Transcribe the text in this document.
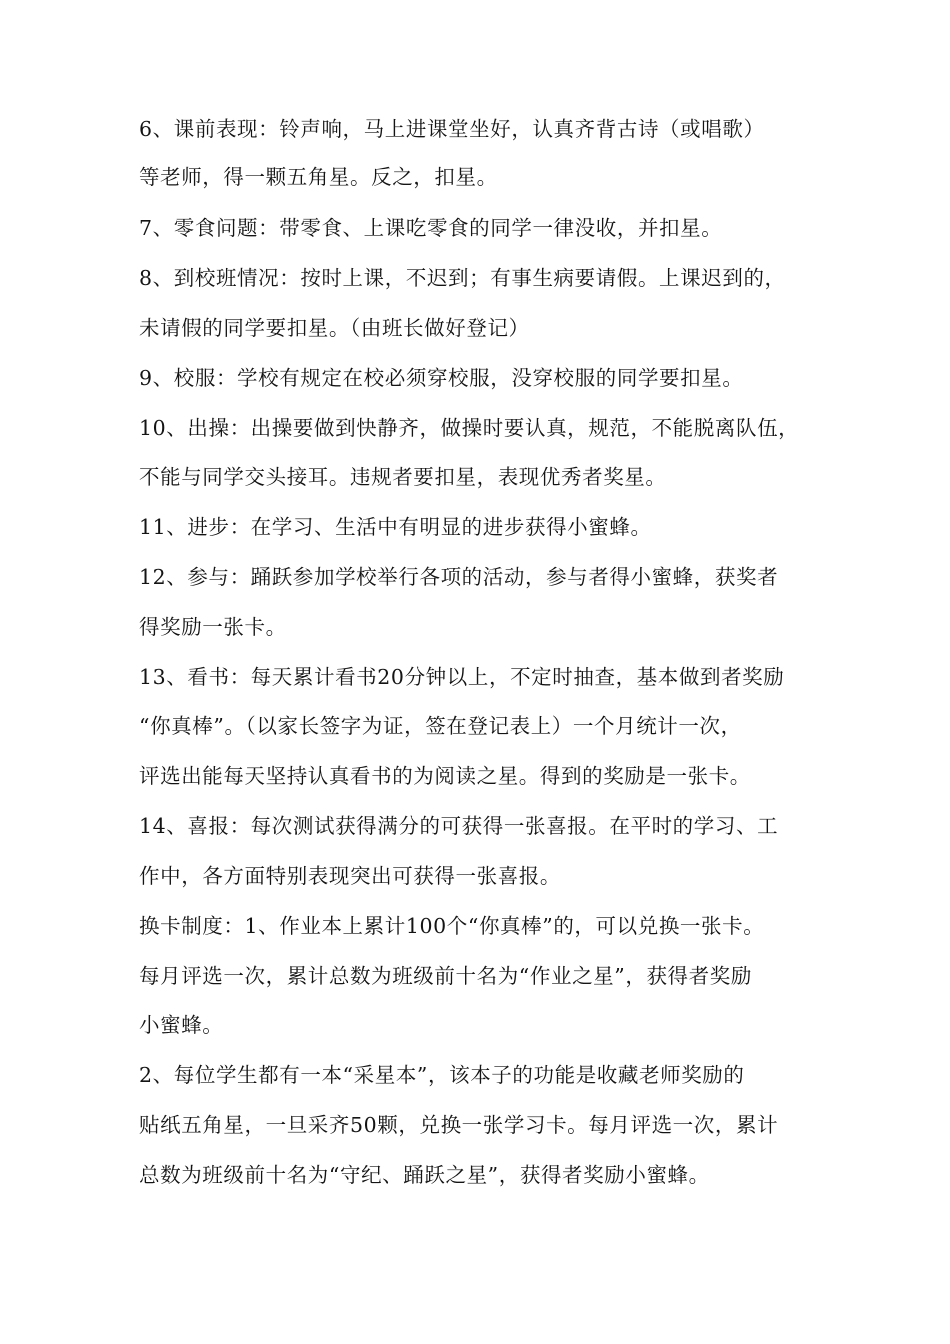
6、课前表现：铃声响，马上进课堂坐好，认真齐背古诗（或唱歌）
等老师，得一颗五角星。反之，扣星。
7、零食问题：带零食、上课吃零食的同学一律没收，并扣星。
8、到校班情况：按时上课，不迟到；有事生病要请假。上课迟到的，
未请假的同学要扣星。（由班长做好登记）
9、校服：学校有规定在校必须穿校服，没穿校服的同学要扣星。
10、出操：出操要做到快静齐，做操时要认真，规范，不能脱离队伍，
不能与同学交头接耳。违规者要扣星，表现优秀者奖星。
11、进步：在学习、生活中有明显的进步获得小蜜蜂。
12、参与：踊跃参加学校举行各项的活动，参与者得小蜜蜂，获奖者
得奖励一张卡。
13、看书：每天累计看书20分钟以上，不定时抽查，基本做到者奖励
“你真棒”。（以家长签字为证，签在登记表上）一个月统计一次，
评选出能每天坚持认真看书的为阅读之星。得到的奖励是一张卡。
14、喜报：每次测试获得满分的可获得一张喜报。在平时的学习、工
作中，各方面特别表现突出可获得一张喜报。
换卡制度：1、作业本上累计100个“你真棒”的，可以兑换一张卡。
每月评选一次，累计总数为班级前十名为“作业之星”，获得者奖励
小蜜蜂。
2、每位学生都有一本“采星本”，该本子的功能是收藏老师奖励的
贴纸五角星，一旦采齐50颗，兑换一张学习卡。每月评选一次，累计
总数为班级前十名为“守纪、踊跃之星”，获得者奖励小蜜蜂。
